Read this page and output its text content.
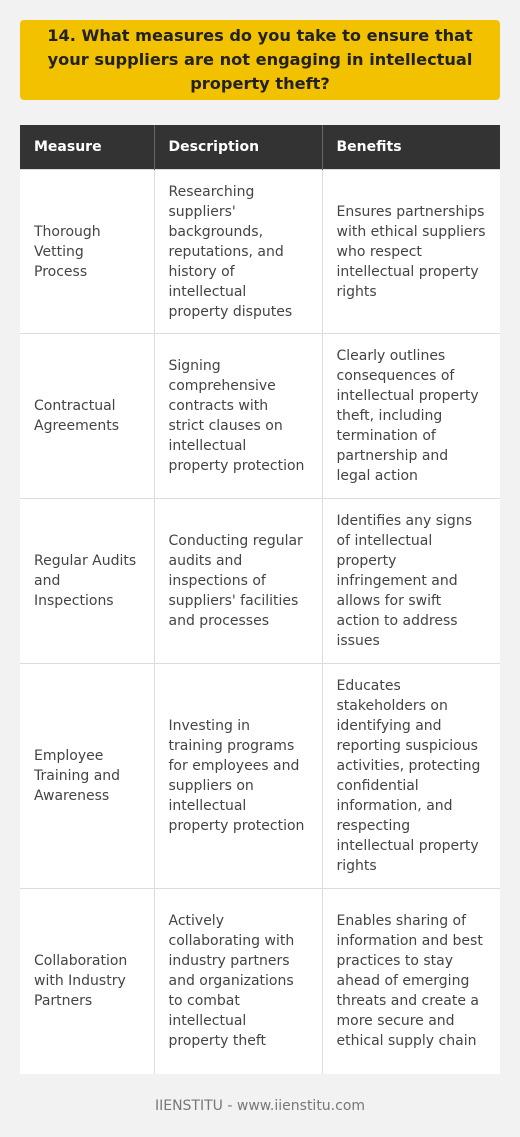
14. What measures do you take to ensure that your suppliers are not engaging in intellectual property theft?
Measure	Description	Benefits
Thorough Vetting Process	Researching suppliers' backgrounds, reputations, and history of intellectual property disputes	Ensures partnerships with ethical suppliers who respect intellectual property rights
Contractual Agreements	Signing comprehensive contracts with strict clauses on intellectual property protection	Clearly outlines consequences of intellectual property theft, including termination of partnership and legal action
Regular Audits and Inspections	Conducting regular audits and inspections of suppliers' facilities and processes	Identifies any signs of intellectual property infringement and allows for swift action to address issues
Employee Training and Awareness	Investing in training programs for employees and suppliers on intellectual property protection	Educates stakeholders on identifying and reporting suspicious activities, protecting confidential information, and respecting intellectual property rights
Collaboration with Industry Partners	Actively collaborating with industry partners and organizations to combat intellectual property theft	Enables sharing of information and best practices to stay ahead of emerging threats and create a more secure and ethical supply chain
IIENSTITU - www.iienstitu.com
